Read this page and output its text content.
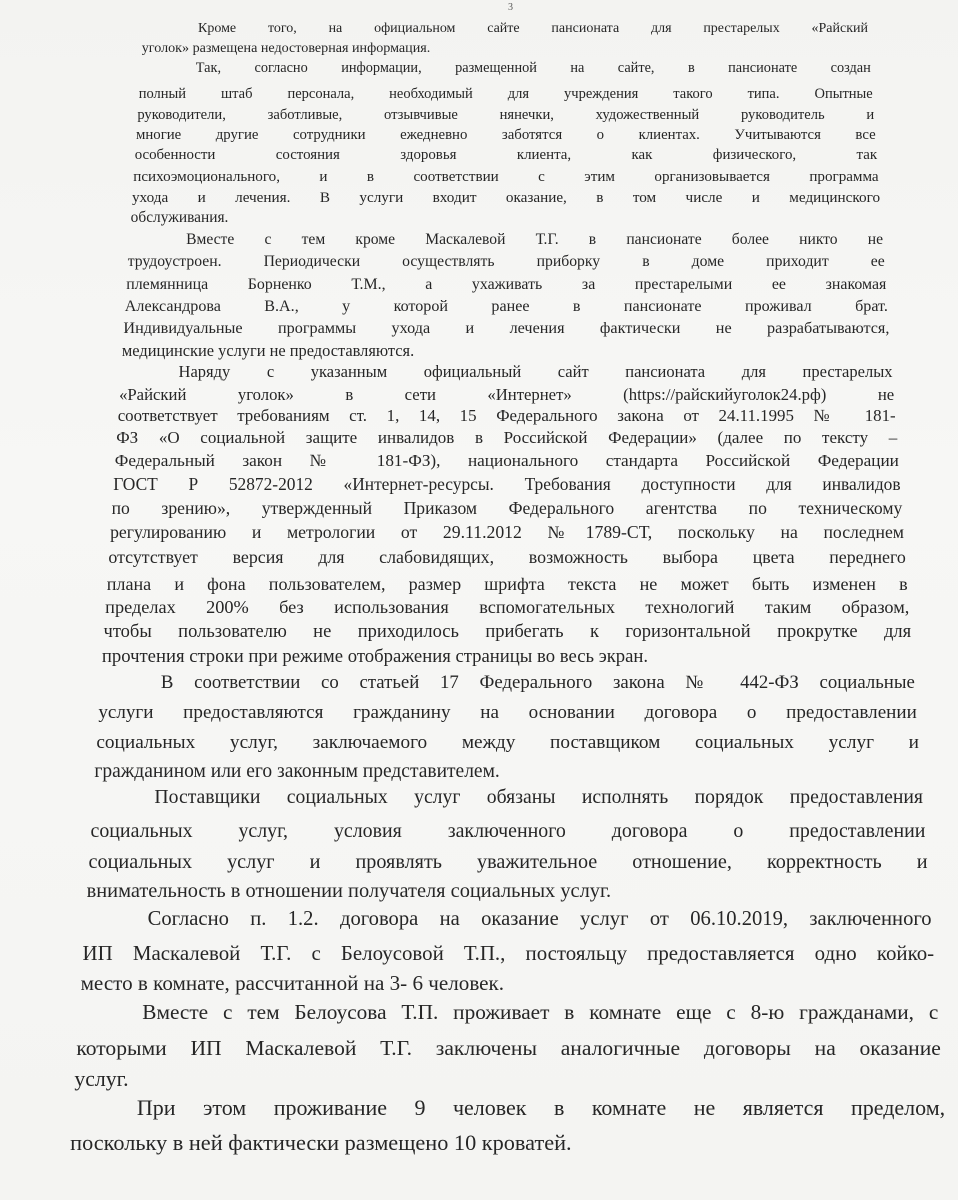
3
Кроме того, на официальном сайте пансионата для престарелых «Райский
уголок» размещена недостоверная информация.
Так, согласно информации, размещенной на сайте, в пансионате создан
полный штаб персонала, необходимый для учреждения такого типа. Опытные
руководители, заботливые, отзывчивые нянечки, художественный руководитель и
многие другие сотрудники ежедневно заботятся о клиентах. Учитываются все
особенности состояния здоровья клиента, как физического, так
психоэмоционального, и в соответствии с этим организовывается программа
ухода и лечения. В услуги входит оказание, в том числе и медицинского
обслуживания.
Вместе с тем кроме Маскалевой Т.Г. в пансионате более никто не
трудоустроен. Периодически осуществлять приборку в доме приходит ее
племянница Борненко Т.М., а ухаживать за престарелыми ее знакомая
Александрова В.А., у которой ранее в пансионате проживал брат.
Индивидуальные программы ухода и лечения фактически не разрабатываются,
медицинские услуги не предоставляются.
Наряду с указанным официальный сайт пансионата для престарелых
«Райский уголок» в сети «Интернет» (https://райскийуголок24.рф) не
соответствует требованиям ст. 1, 14, 15 Федерального закона от 24.11.1995 № 181-
ФЗ «О социальной защите инвалидов в Российской Федерации» (далее по тексту –
Федеральный закон № 181-ФЗ), национального стандарта Российской Федерации
ГОСТ Р 52872-2012 «Интернет-ресурсы. Требования доступности для инвалидов
по зрению», утвержденный Приказом Федерального агентства по техническому
регулированию и метрологии от 29.11.2012 №1789-СТ, поскольку на последнем
отсутствует версия для слабовидящих, возможность выбора цвета переднего
плана и фона пользователем, размер шрифта текста не может быть изменен в
пределах 200% без использования вспомогательных технологий таким образом,
чтобы пользователю не приходилось прибегать к горизонтальной прокрутке для
прочтения строки при режиме отображения страницы во весь экран.
В соответствии со статьей 17 Федерального закона № 442-ФЗ социальные
услуги предоставляются гражданину на основании договора о предоставлении
социальных услуг, заключаемого между поставщиком социальных услуг и
гражданином или его законным представителем.
Поставщики социальных услуг обязаны исполнять порядок предоставления
социальных услуг, условия заключенного договора о предоставлении
социальных услуг и проявлять уважительное отношение, корректность и
внимательность в отношении получателя социальных услуг.
Согласно п. 1.2. договора на оказание услуг от 06.10.2019, заключенного
ИП Маскалевой Т.Г. с Белоусовой Т.П., постояльцу предоставляется одно койко-
место в комнате, рассчитанной на 3- 6 человек.
Вместе с тем Белоусова Т.П. проживает в комнате еще с 8-ю гражданами, с
которыми ИП Маскалевой Т.Г. заключены аналогичные договоры на оказание
услуг.
При этом проживание 9 человек в комнате не является пределом,
поскольку в ней фактически размещено 10 кроватей.
